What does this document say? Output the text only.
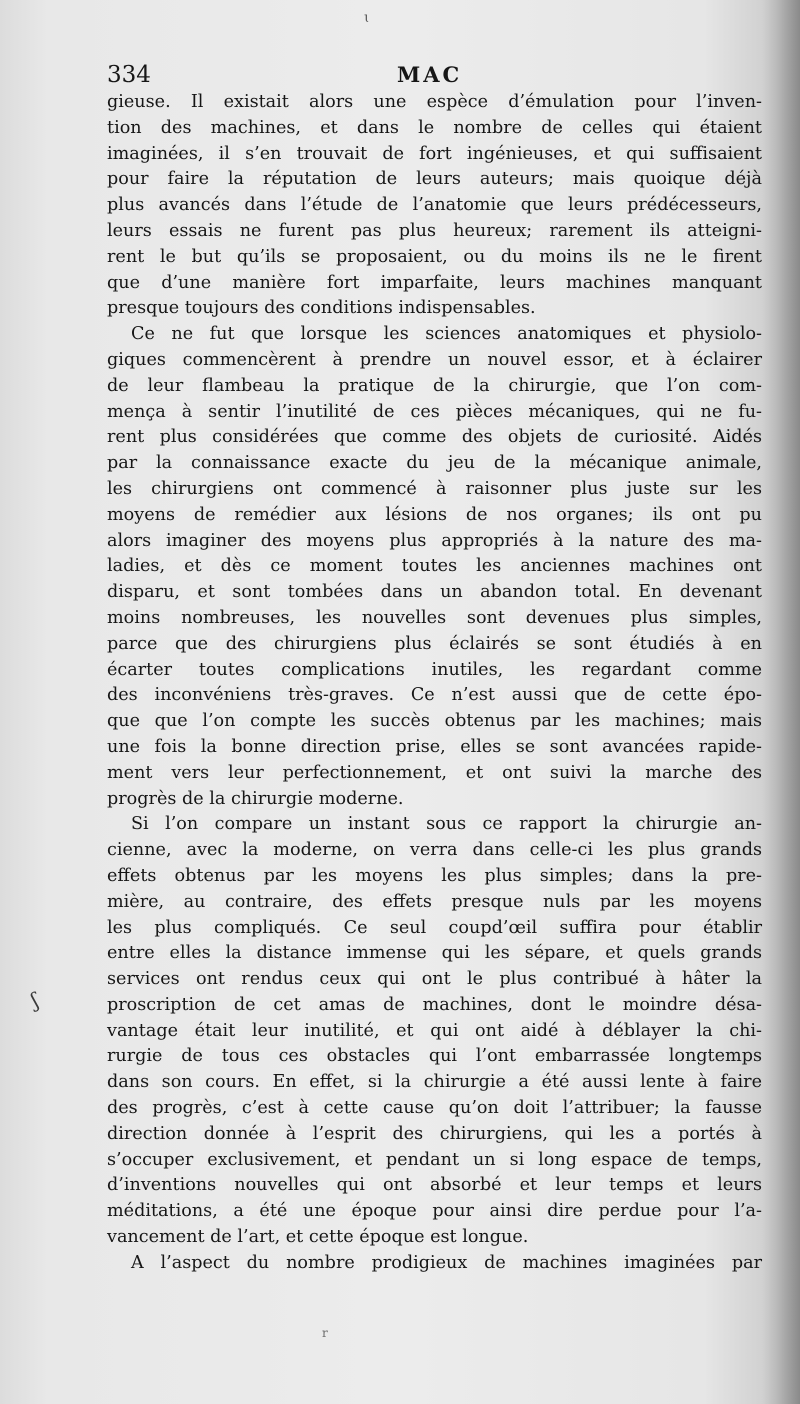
ɩ
334	MAC
ʃ
gieuse. Il existait alors une espèce d’émulation pour l’inven-
tion des machines, et dans le nombre de celles qui étaient
imaginées, il s’en trouvait de fort ingénieuses, et qui suffisaient
pour faire la réputation de leurs auteurs; mais quoique déjà
plus avancés dans l’étude de l’anatomie que leurs prédécesseurs,
leurs essais ne furent pas plus heureux; rarement ils atteigni-
rent le but qu’ils se proposaient, ou du moins ils ne le firent
que d’une manière fort imparfaite, leurs machines manquant
presque toujours des conditions indispensables.
Ce ne fut que lorsque les sciences anatomiques et physiolo-
giques commencèrent à prendre un nouvel essor, et à éclairer
de leur flambeau la pratique de la chirurgie, que l’on com-
mença à sentir l’inutilité de ces pièces mécaniques, qui ne fu-
rent plus considérées que comme des objets de curiosité. Aidés
par la connaissance exacte du jeu de la mécanique animale,
les chirurgiens ont commencé à raisonner plus juste sur les
moyens de remédier aux lésions de nos organes; ils ont pu
alors imaginer des moyens plus appropriés à la nature des ma-
ladies, et dès ce moment toutes les anciennes machines ont
disparu, et sont tombées dans un abandon total. En devenant
moins nombreuses, les nouvelles sont devenues plus simples,
parce que des chirurgiens plus éclairés se sont étudiés à en
écarter toutes complications inutiles, les regardant comme
des inconvéniens très-graves. Ce n’est aussi que de cette épo-
que que l’on compte les succès obtenus par les machines; mais
une fois la bonne direction prise, elles se sont avancées rapide-
ment vers leur perfectionnement, et ont suivi la marche des
progrès de la chirurgie moderne.
Si l’on compare un instant sous ce rapport la chirurgie an-
cienne, avec la moderne, on verra dans celle-ci les plus grands
effets obtenus par les moyens les plus simples; dans la pre-
mière, au contraire, des effets presque nuls par les moyens
les plus compliqués. Ce seul coupd’œil suffira pour établir
entre elles la distance immense qui les sépare, et quels grands
services ont rendus ceux qui ont le plus contribué à hâter la
proscription de cet amas de machines, dont le moindre désa-
vantage était leur inutilité, et qui ont aidé à déblayer la chi-
rurgie de tous ces obstacles qui l’ont embarrassée longtemps
dans son cours. En effet, si la chirurgie a été aussi lente à faire
des progrès, c’est à cette cause qu’on doit l’attribuer; la fausse
direction donnée à l’esprit des chirurgiens, qui les a portés à
s’occuper exclusivement, et pendant un si long espace de temps,
d’inventions nouvelles qui ont absorbé et leur temps et leurs
méditations, a été une époque pour ainsi dire perdue pour l’a-
vancement de l’art, et cette époque est longue.
A l’aspect du nombre prodigieux de machines imaginées par
r
